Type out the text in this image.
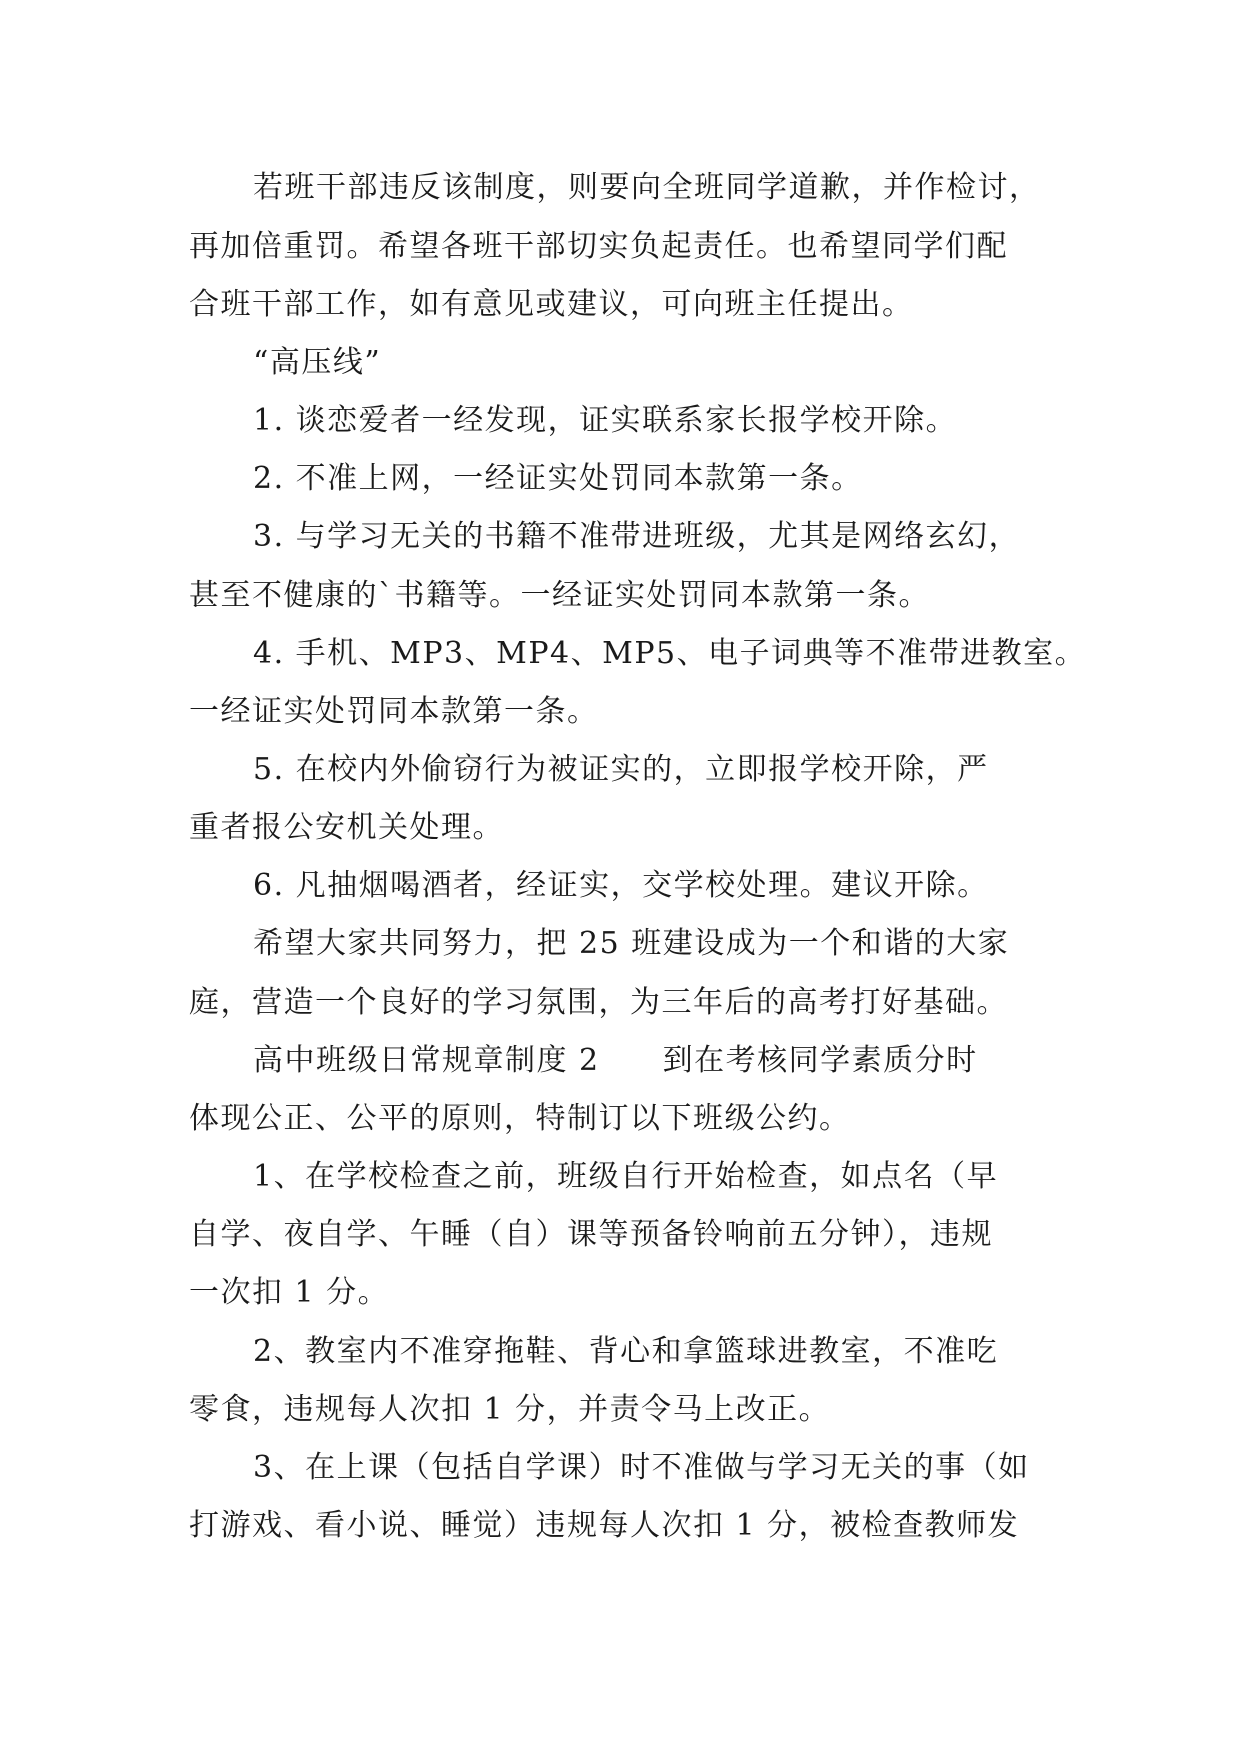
若班干部违反该制度，则要向全班同学道歉，并作检讨，
再加倍重罚。希望各班干部切实负起责任。也希望同学们配
合班干部工作，如有意见或建议，可向班主任提出。
“高压线”
1. 谈恋爱者一经发现，证实联系家长报学校开除。
2. 不准上网，一经证实处罚同本款第一条。
3. 与学习无关的书籍不准带进班级，尤其是网络玄幻，
甚至不健康的`书籍等。一经证实处罚同本款第一条。
4. 手机、MP3、MP4、MP5、电子词典等不准带进教室。
一经证实处罚同本款第一条。
5. 在校内外偷窃行为被证实的，立即报学校开除，严
重者报公安机关处理。
6. 凡抽烟喝酒者，经证实，交学校处理。建议开除。
希望大家共同努力，把 25 班建设成为一个和谐的大家
庭，营造一个良好的学习氛围，为三年后的高考打好基础。
高中班级日常规章制度 2　　到在考核同学素质分时
体现公正、公平的原则，特制订以下班级公约。
1、在学校检查之前，班级自行开始检查，如点名（早
自学、夜自学、午睡（自）课等预备铃响前五分钟），违规
一次扣 1 分。
2、教室内不准穿拖鞋、背心和拿篮球进教室，不准吃
零食，违规每人次扣 1 分，并责令马上改正。
3、在上课（包括自学课）时不准做与学习无关的事（如
打游戏、看小说、睡觉）违规每人次扣 1 分，被检查教师发
